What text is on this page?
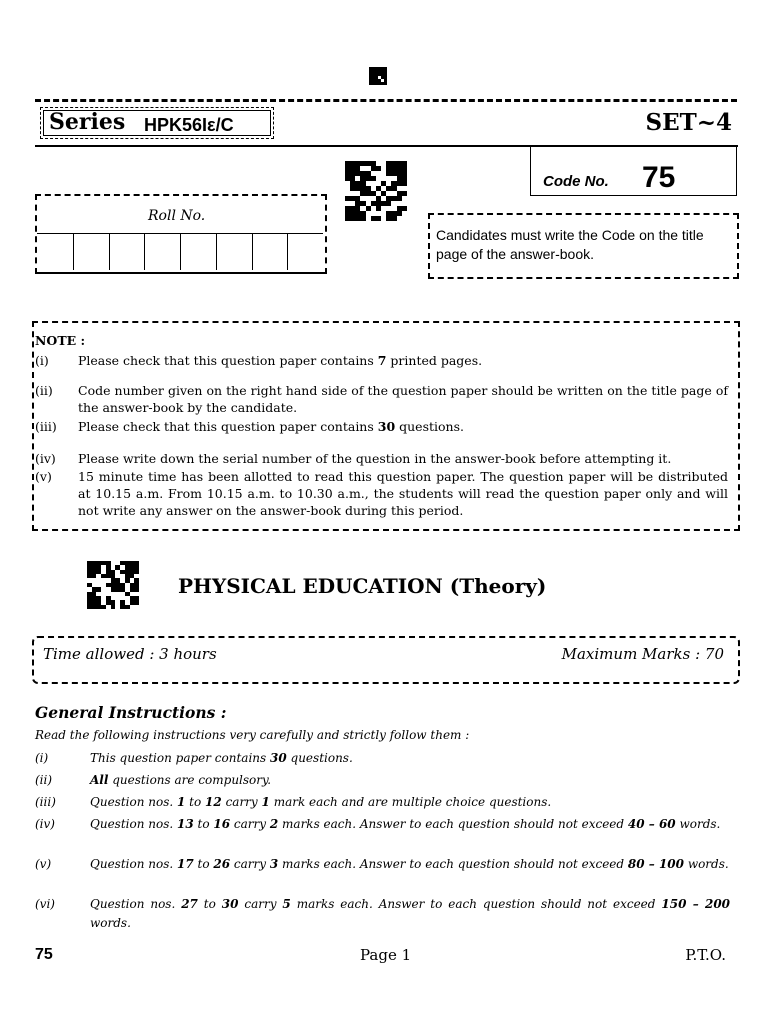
Series HPK56Iε/C	SET~4
Code No. 75
Roll No.
Candidates must write the Code on the title page of the answer-book.
NOTE :
(i) Please check that this question paper contains 7 printed pages.
(ii) Code number given on the right hand side of the question paper should be written on the title page of the answer-book by the candidate.
(iii) Please check that this question paper contains 30 questions.
(iv) Please write down the serial number of the question in the answer-book before attempting it.
(v) 15 minute time has been allotted to read this question paper. The question paper will be distributed at 10.15 a.m. From 10.15 a.m. to 10.30 a.m., the students will read the question paper only and will not write any answer on the answer-book during this period.
PHYSICAL EDUCATION (Theory)
Time allowed : 3 hours	Maximum Marks : 70
General Instructions :
Read the following instructions very carefully and strictly follow them :
(i)	This question paper contains 30 questions.
(ii)	All questions are compulsory.
(iii)	Question nos. 1 to 12 carry 1 mark each and are multiple choice questions.
(iv)	Question nos. 13 to 16 carry 2 marks each. Answer to each question should not exceed 40 – 60 words.
(v)	Question nos. 17 to 26 carry 3 marks each. Answer to each question should not exceed 80 – 100 words.
(vi)	Question nos. 27 to 30 carry 5 marks each. Answer to each question should not exceed 150 – 200 words.
75	Page 1	P.T.O.
